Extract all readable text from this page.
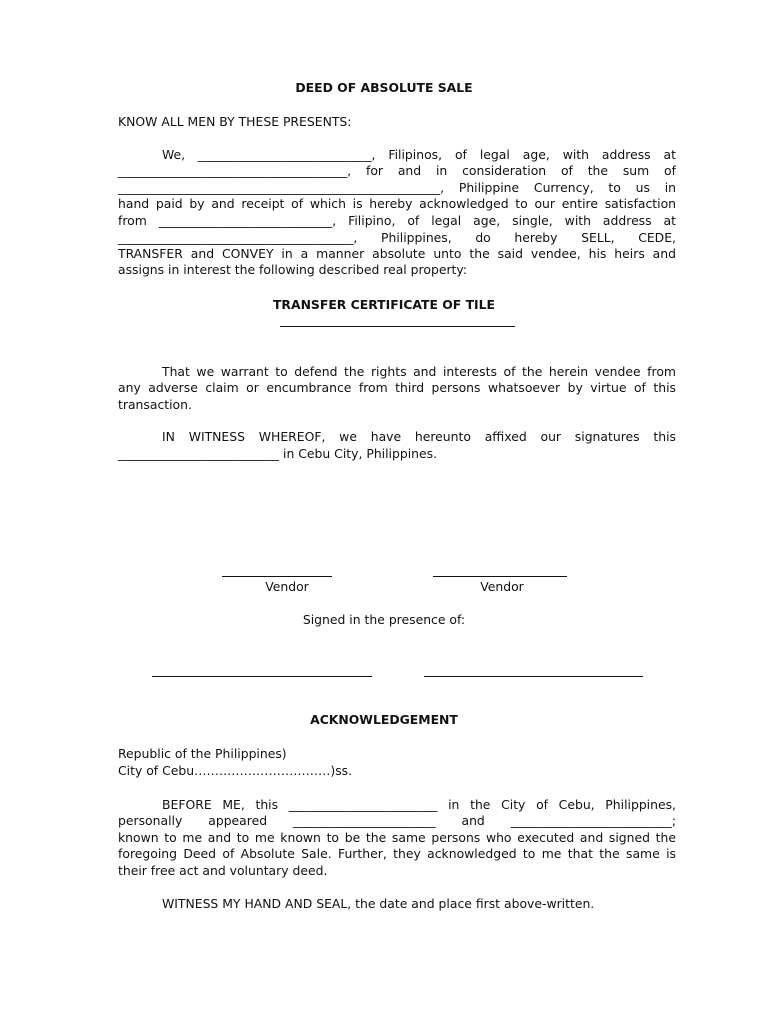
DEED OF ABSOLUTE SALE
KNOW ALL MEN BY THESE PRESENTS:
We, ____________________________, Filipinos, of legal age, with address at
_____________________________________, for and in consideration of the sum of
____________________________________________________, Philippine Currency, to us in
hand paid by and receipt of which is hereby acknowledged to our entire satisfaction
from ____________________________, Filipino, of legal age, single, with address at
______________________________________, Philippines, do hereby SELL, CEDE,
TRANSFER and CONVEY in a manner absolute unto the said vendee, his heirs and
assigns in interest the following described real property:
TRANSFER CERTIFICATE OF TILE
That we warrant to defend the rights and interests of the herein vendee from
any adverse claim or encumbrance from third persons whatsoever by virtue of this
transaction.
IN WITNESS WHEREOF, we have hereunto affixed our signatures this
__________________________ in Cebu City, Philippines.
Vendor	Vendor
Signed in the presence of:
ACKNOWLEDGEMENT
Republic of the Philippines)
City of Cebu……………………………)ss.
BEFORE ME, this ________________________ in the City of Cebu, Philippines,
personally appeared _______________________ and __________________________;
known to me and to me known to be the same persons who executed and signed the
foregoing Deed of Absolute Sale. Further, they acknowledged to me that the same is
their free act and voluntary deed.
WITNESS MY HAND AND SEAL, the date and place first above-written.
